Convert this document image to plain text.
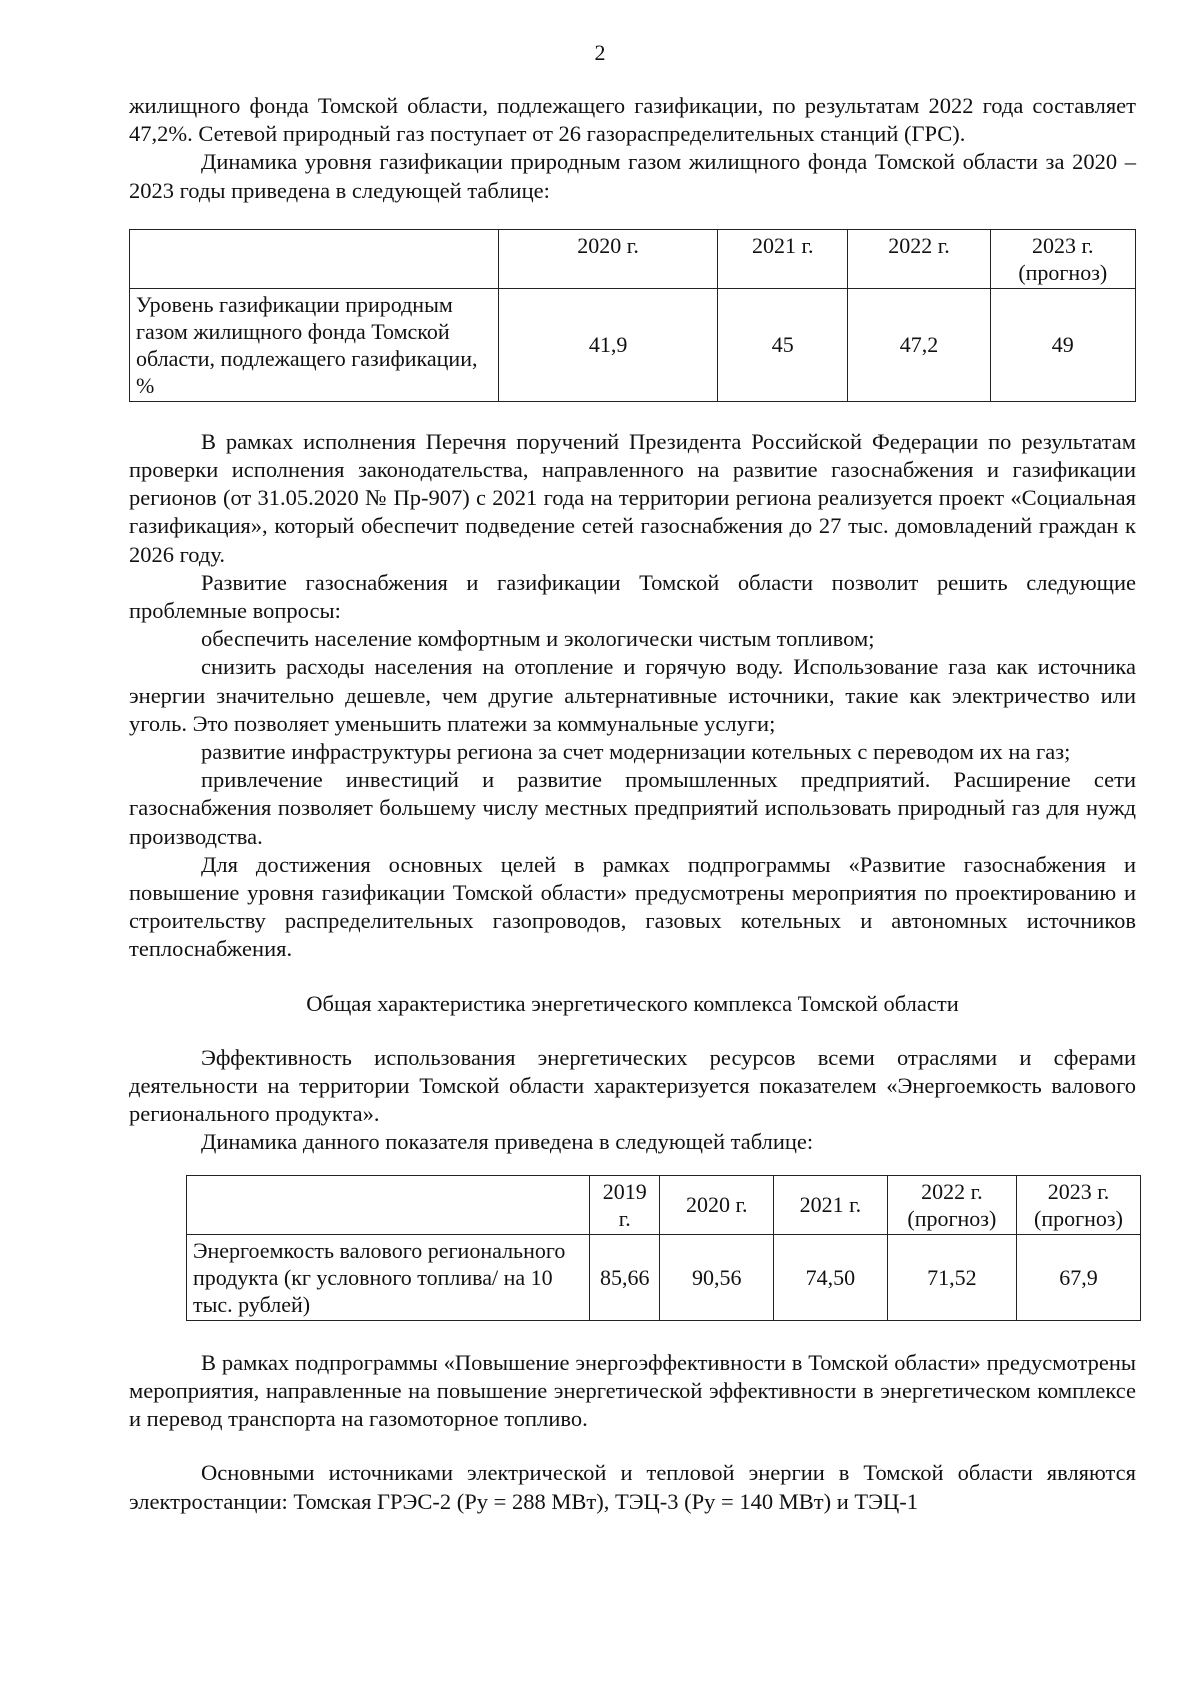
2

жилищного фонда Томской области, подлежащего газификации, по результатам 2022 года составляет 47,2%. Сетевой природный газ поступает от 26 газораспределительных станций (ГРС).

Динамика уровня газификации природным газом жилищного фонда Томской области за 2020 – 2023 годы приведена в следующей таблице:

	2020 г.	2021 г.	2022 г.	2023 г. (прогноз)
Уровень газификации природным газом жилищного фонда Томской области, подлежащего газификации, %	41,9	45	47,2	49

В рамках исполнения Перечня поручений Президента Российской Федерации по результатам проверки исполнения законодательства, направленного на развитие газоснабжения и газификации регионов (от 31.05.2020 № Пр-907) с 2021 года на территории региона реализуется проект «Социальная газификация», который обеспечит подведение сетей газоснабжения до 27 тыс. домовладений граждан к 2026 году.

Развитие газоснабжения и газификации Томской области позволит решить следующие проблемные вопросы:

обеспечить население комфортным и экологически чистым топливом;

снизить расходы населения на отопление и горячую воду. Использование газа как источника энергии значительно дешевле, чем другие альтернативные источники, такие как электричество или уголь. Это позволяет уменьшить платежи за коммунальные услуги;

развитие инфраструктуры региона за счет модернизации котельных с переводом их на газ;

привлечение инвестиций и развитие промышленных предприятий. Расширение сети газоснабжения позволяет большему числу местных предприятий использовать природный газ для нужд производства.

Для достижения основных целей в рамках подпрограммы «Развитие газоснабжения и повышение уровня газификации Томской области» предусмотрены мероприятия по проектированию и строительству распределительных газопроводов, газовых котельных и автономных источников теплоснабжения.

Общая характеристика энергетического комплекса Томской области

Эффективность использования энергетических ресурсов всеми отраслями и сферами деятельности на территории Томской области характеризуется показателем «Энергоемкость валового регионального продукта».

Динамика данного показателя приведена в следующей таблице:

	2019 г.	2020 г.	2021 г.	2022 г. (прогноз)	2023 г. (прогноз)
Энергоемкость валового регионального продукта (кг условного топлива/ на 10 тыс. рублей)	85,66	90,56	74,50	71,52	67,9

В рамках подпрограммы «Повышение энергоэффективности в Томской области» предусмотрены мероприятия, направленные на повышение энергетической эффективности в энергетическом комплексе и перевод транспорта на газомоторное топливо.

Основными источниками электрической и тепловой энергии в Томской области являются электростанции: Томская ГРЭС-2 (Ру = 288 МВт), ТЭЦ-3 (Ру = 140 МВт) и ТЭЦ-1
